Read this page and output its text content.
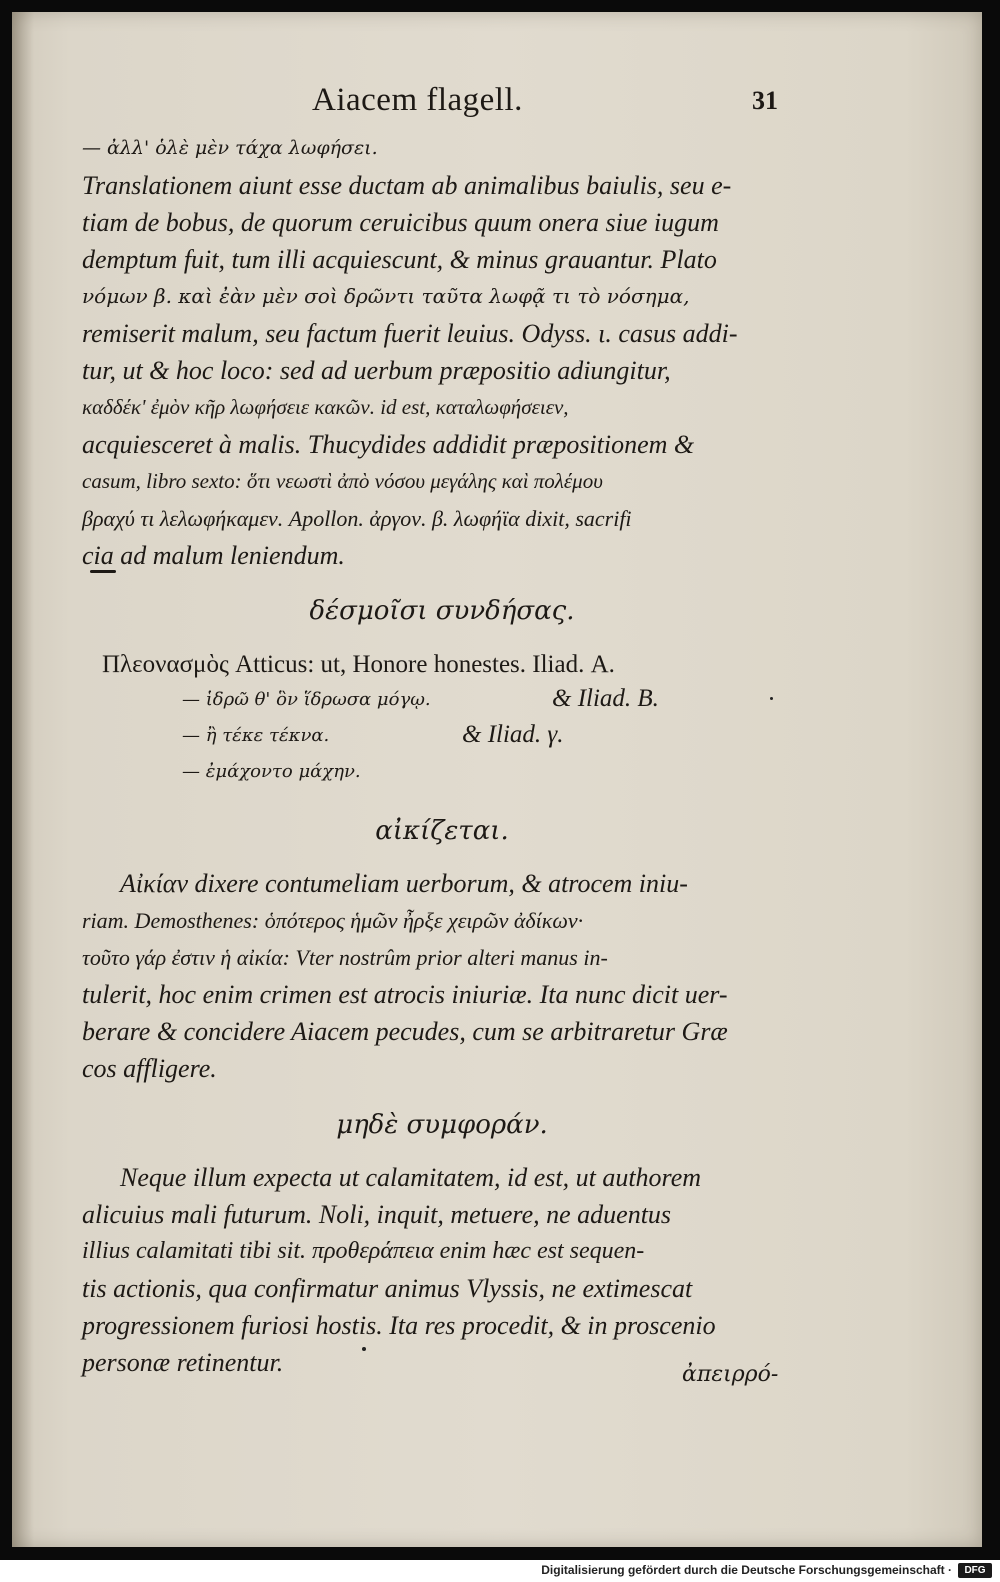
Aiacem flagell.	31

— ἀλλ' ὁλὲ μὲν τάχα λωφήσει.

Translationem aiunt esse ductam ab animalibus baiulis, seu e-

tiam de bobus, de quorum ceruicibus quum onera siue iugum

demptum fuit, tum illi acquiescunt, & minus grauantur. Plato

νόμων β. καὶ ἐὰν μὲν σοὶ δρῶντι ταῦτα λωφᾷ τι τὸ νόσημα,

remiserit malum, seu factum fuerit leuius. Odyss. ι. casus addi-

tur, ut & hoc loco: sed ad uerbum præpositio adiungitur,

καδδέκ' ἐμὸν κῆρ λωφήσειε κακῶν. id est, καταλωφήσειεν,

acquiesceret à malis. Thucydides addidit præpositionem &

casum, libro sexto: ὅτι νεωστὶ ἀπὸ νόσου μεγάλης καὶ πολέμου

βραχύ τι λελωφήκαμεν. Apollon. ἀργον. β. λωφήϊα dixit, sacrifi

cia ad malum leniendum.

δέσμοῖσι συνδήσας.

Πλεονασμὸς Atticus: ut, Honore honestes. Iliad. Α.

— ἱδρῶ θ' ὃν ἵδρωσα μόγῳ.	& Iliad. Β.
— ἢ τέκε τέκνα.	& Iliad. γ.
— ἐμάχοντο μάχην.
αἰκίζεται.

Αἰκίαν dixere contumeliam uerborum, & atrocem iniu-

riam. Demosthenes: ὁπότερος ἡμῶν ἦρξε χειρῶν ἀδίκων·

τοῦτο γάρ ἐστιν ἡ αἰκία: Vter nostrûm prior alteri manus in-

tulerit, hoc enim crimen est atrocis iniuriæ. Ita nunc dicit uer-

berare & concidere Aiacem pecudes, cum se arbitraretur Græ

cos affligere.

μηδὲ συμφοράν.

Neque illum expecta ut calamitatem, id est, ut authorem

alicuius mali futurum. Noli, inquit, metuere, ne aduentus

illius calamitati tibi sit. προθεράπεια enim hæc est sequen-

tis actionis, qua confirmatur animus Vlyssis, ne extimescat

progressionem furiosi hostis. Ita res procedit, & in proscenio

personæ retinentur.	ἀπειρρό-
Digitalisierung gefördert durch die Deutsche Forschungsgemeinschaft ·	DFG
